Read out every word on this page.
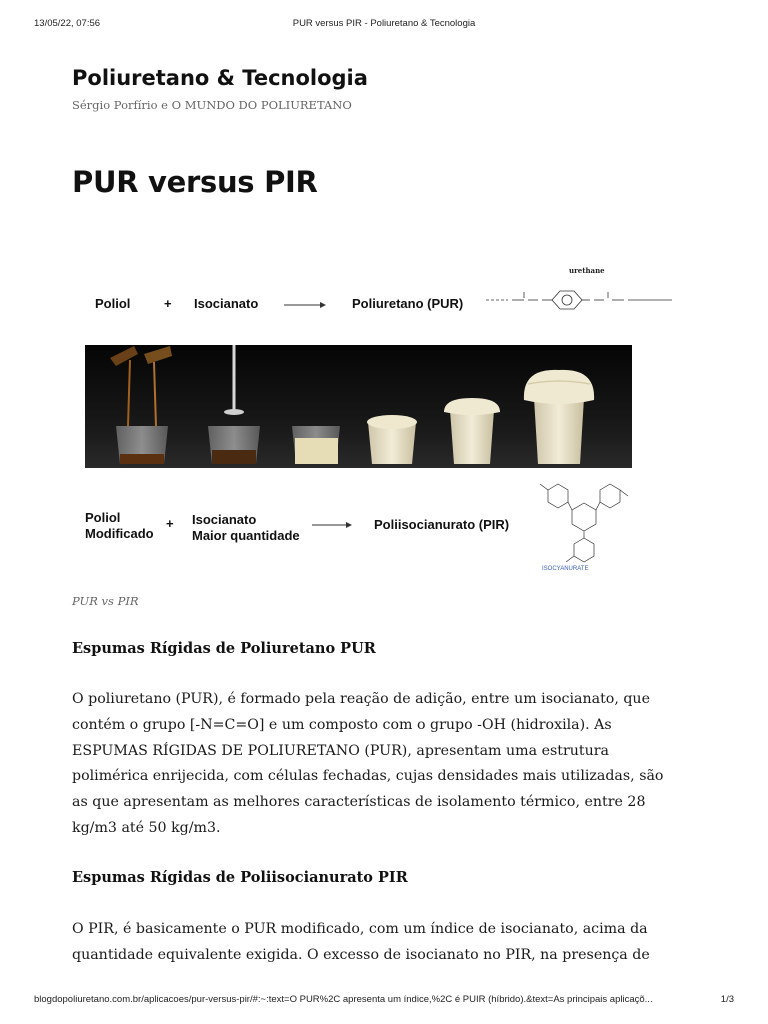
13/05/22, 07:56	PUR versus PIR - Poliuretano & Tecnologia
Poliuretano & Tecnologia
Sérgio Porfírio e O MUNDO DO POLIURETANO
PUR versus PIR
Poliol	+ Isocianato	Poliuretano (PUR)
urethane
Poliol
Modificado
+ Isocianato
Maior quantidade
Poliisocianurato (PIR)
ISOCYANURATE
PUR vs PIR
Espumas Rígidas de Poliuretano PUR

O poliuretano (PUR), é formado pela reação de adição, entre um isocianato, que
contém o grupo [-N=C=O] e um composto com o grupo -OH (hidroxila). As
ESPUMAS RÍGIDAS DE POLIURETANO (PUR), apresentam uma estrutura
polimérica enrijecida, com células fechadas, cujas densidades mais utilizadas, são
as que apresentam as melhores características de isolamento térmico, entre 28
kg/m3 até 50 kg/m3.

Espumas Rígidas de Poliisocianurato PIR

O PIR, é basicamente o PUR modificado, com um índice de isocianato, acima da
quantidade equivalente exigida. O excesso de isocianato no PIR, na presença de

blogdopoliuretano.com.br/aplicacoes/pur-versus-pir/#:~:text=O PUR%2C apresenta um índice,%2C é PUIR (híbrido).&text=As principais aplicaçõ...	1/3
